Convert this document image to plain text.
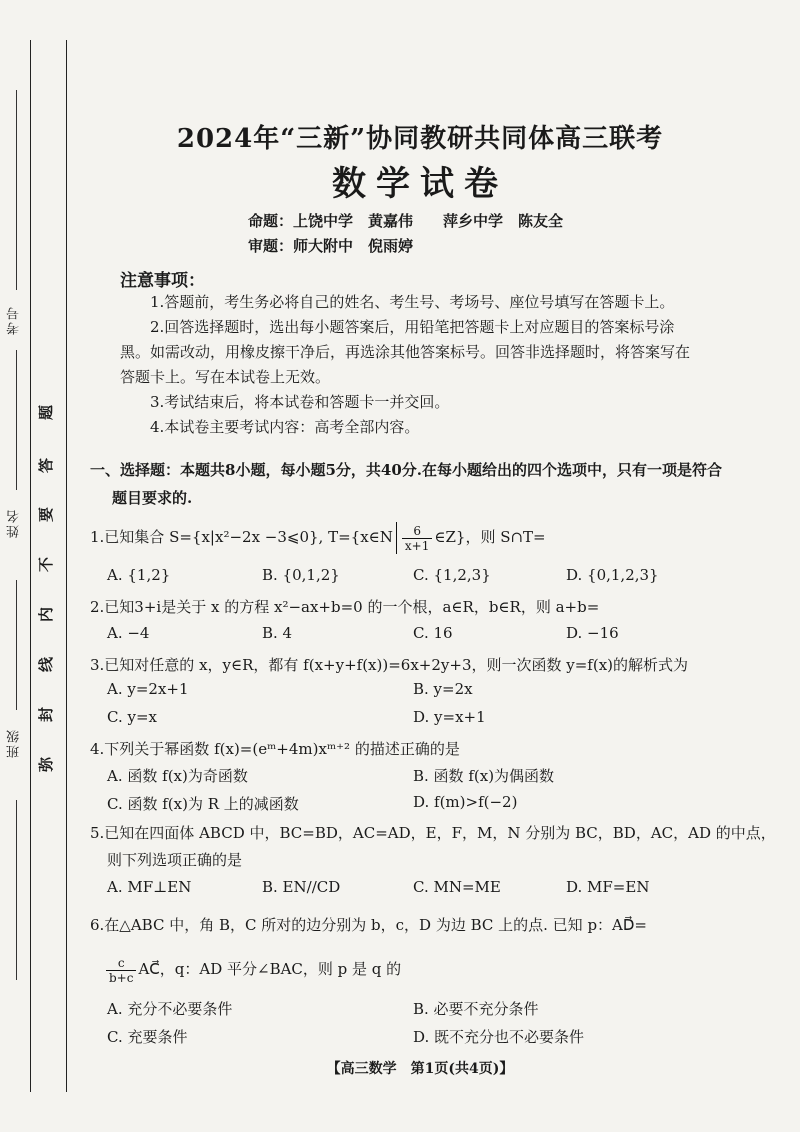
考号
姓名
班级
题
答
要
不
内
线
封
弥
2024年“三新”协同教研共同体高三联考
数学试卷
命题：上饶中学　黄嘉伟　　萍乡中学　陈友全
审题：师大附中　倪雨婷
注意事项：
1.答题前，考生务必将自己的姓名、考生号、考场号、座位号填写在答题卡上。
2.回答选择题时，选出每小题答案后，用铅笔把答题卡上对应题目的答案标号涂
黑。如需改动，用橡皮擦干净后，再选涂其他答案标号。回答非选择题时，将答案写在
答题卡上。写在本试卷上无效。
3.考试结束后，将本试卷和答题卡一并交回。
4.本试卷主要考试内容：高考全部内容。
一、选择题：本题共8小题，每小题5分，共40分.在每小题给出的四个选项中，只有一项是符合
题目要求的.
1.已知集合 S={x|x²−2x −3⩽0}, T={x∈N $\frac{6}{x+1}$ ∈Z}，则 S∩T=
A. {1,2}	B. {0,1,2}	C. {1,2,3}	D. {0,1,2,3}
2.已知3+i是关于 x 的方程 x²−ax+b=0 的一个根，a∈R，b∈R，则 a+b=
A. −4	B. 4	C. 16	D. −16
3.已知对任意的 x，y∈R，都有 f(x+y+f(x))=6x+2y+3，则一次函数 y=f(x)的解析式为
A. y=2x+1	B. y=2x
C. y=x	D. y=x+1
4.下列关于幂函数 f(x)=(eᵐ+4m)xᵐ⁺² 的描述正确的是
A. 函数 f(x)为奇函数	B. 函数 f(x)为偶函数
C. 函数 f(x)为 R 上的减函数	D. f(m)>f(−2)
5.已知在四面体 ABCD 中，BC=BD，AC=AD，E，F，M，N 分别为 BC，BD，AC，AD 的中点，
则下列选项正确的是
A. MF⊥EN	B. EN//CD	C. MN=ME	D. MF=EN
6.在△ABC 中，角 B，C 所对的边分别为 b，c，D 为边 BC 上的点. 已知 p：AD⃗=
$\frac{c}{b+c}$ AC⃗，q：AD 平分∠BAC，则 p 是 q 的
A. 充分不必要条件	B. 必要不充分条件
C. 充要条件	D. 既不充分也不必要条件
【高三数学　第1页(共4页)】
